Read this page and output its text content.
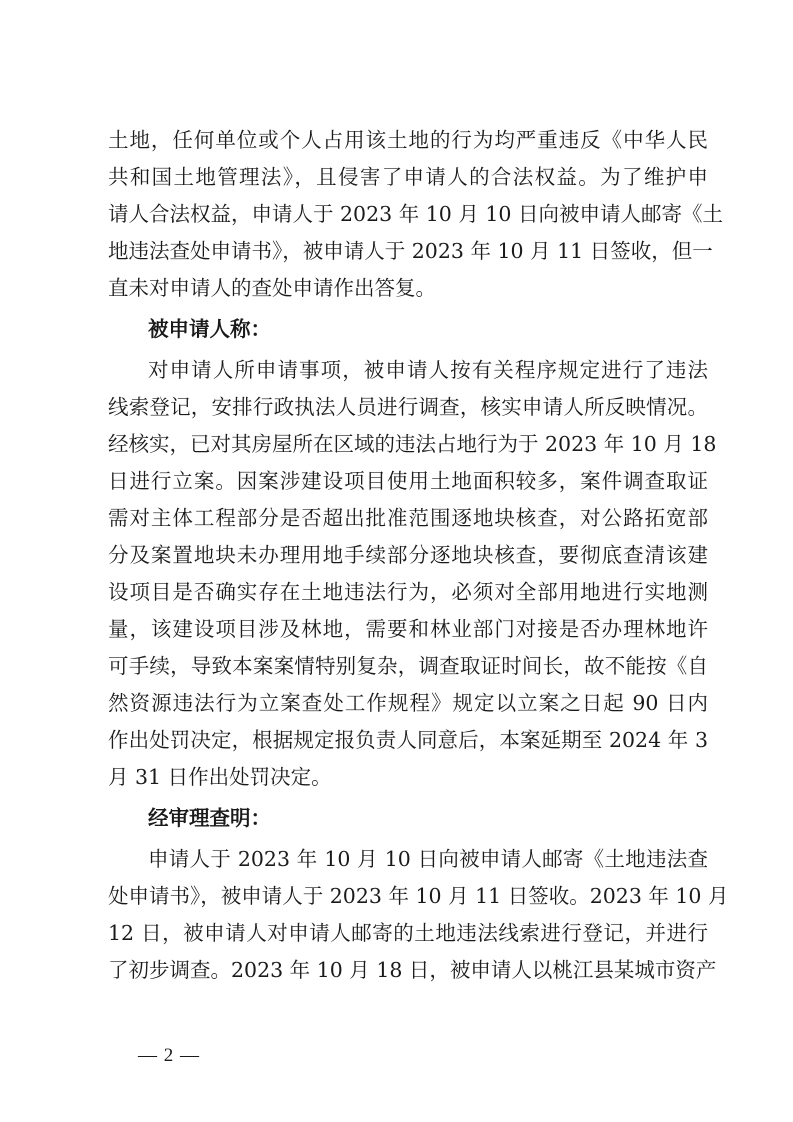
土地，任何单位或个人占用该土地的行为均严重违反《中华人民

共和国土地管理法》，且侵害了申请人的合法权益。为了维护申

请人合法权益，申请人于 2023 年 10 月 10 日向被申请人邮寄《土

地违法查处申请书》，被申请人于 2023 年 10 月 11 日签收，但一

直未对申请人的查处申请作出答复。

被申请人称：

对申请人所申请事项，被申请人按有关程序规定进行了违法

线索登记，安排行政执法人员进行调查，核实申请人所反映情况。

经核实，已对其房屋所在区域的违法占地行为于 2023 年 10 月 18

日进行立案。因案涉建设项目使用土地面积较多，案件调查取证

需对主体工程部分是否超出批准范围逐地块核查，对公路拓宽部

分及案置地块未办理用地手续部分逐地块核查，要彻底查清该建

设项目是否确实存在土地违法行为，必须对全部用地进行实地测

量，该建设项目涉及林地，需要和林业部门对接是否办理林地许

可手续，导致本案案情特别复杂，调查取证时间长，故不能按《自

然资源违法行为立案查处工作规程》规定以立案之日起 90 日内

作出处罚决定，根据规定报负责人同意后，本案延期至 2024 年 3

月 31 日作出处罚决定。

经审理查明：

申请人于 2023 年 10 月 10 日向被申请人邮寄《土地违法查

处申请书》，被申请人于 2023 年 10 月 11 日签收。2023 年 10 月

12 日，被申请人对申请人邮寄的土地违法线索进行登记，并进行

了初步调查。2023 年 10 月 18 日，被申请人以桃江县某城市资产

— 2 —
